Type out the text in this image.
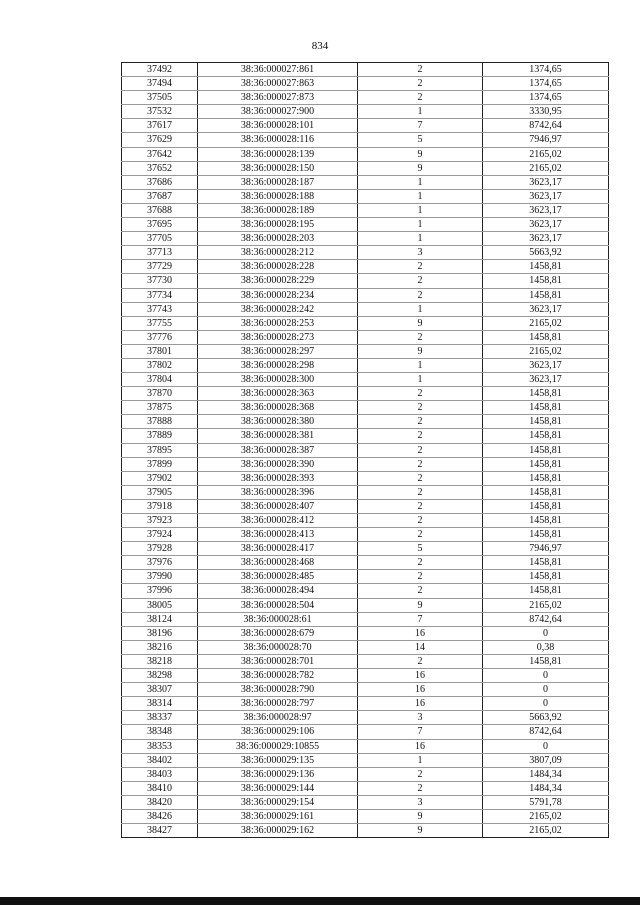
834
37492	38:36:000027:861	2	1374,65
37494	38:36:000027:863	2	1374,65
37505	38:36:000027:873	2	1374,65
37532	38:36:000027:900	1	3330,95
37617	38:36:000028:101	7	8742,64
37629	38:36:000028:116	5	7946,97
37642	38:36:000028:139	9	2165,02
37652	38:36:000028:150	9	2165,02
37686	38:36:000028:187	1	3623,17
37687	38:36:000028:188	1	3623,17
37688	38:36:000028:189	1	3623,17
37695	38:36:000028:195	1	3623,17
37705	38:36:000028:203	1	3623,17
37713	38:36:000028:212	3	5663,92
37729	38:36:000028:228	2	1458,81
37730	38:36:000028:229	2	1458,81
37734	38:36:000028:234	2	1458,81
37743	38:36:000028:242	1	3623,17
37755	38:36:000028:253	9	2165,02
37776	38:36:000028:273	2	1458,81
37801	38:36:000028:297	9	2165,02
37802	38:36:000028:298	1	3623,17
37804	38:36:000028:300	1	3623,17
37870	38:36:000028:363	2	1458,81
37875	38:36:000028:368	2	1458,81
37888	38:36:000028:380	2	1458,81
37889	38:36:000028:381	2	1458,81
37895	38:36:000028:387	2	1458,81
37899	38:36:000028:390	2	1458,81
37902	38:36:000028:393	2	1458,81
37905	38:36:000028:396	2	1458,81
37918	38:36:000028:407	2	1458,81
37923	38:36:000028:412	2	1458,81
37924	38:36:000028:413	2	1458,81
37928	38:36:000028:417	5	7946,97
37976	38:36:000028:468	2	1458,81
37990	38:36:000028:485	2	1458,81
37996	38:36:000028:494	2	1458,81
38005	38:36:000028:504	9	2165,02
38124	38:36:000028:61	7	8742,64
38196	38:36:000028:679	16	0
38216	38:36:000028:70	14	0,38
38218	38:36:000028:701	2	1458,81
38298	38:36:000028:782	16	0
38307	38:36:000028:790	16	0
38314	38:36:000028:797	16	0
38337	38:36:000028:97	3	5663,92
38348	38:36:000029:106	7	8742,64
38353	38:36:000029:10855	16	0
38402	38:36:000029:135	1	3807,09
38403	38:36:000029:136	2	1484,34
38410	38:36:000029:144	2	1484,34
38420	38:36:000029:154	3	5791,78
38426	38:36:000029:161	9	2165,02
38427	38:36:000029:162	9	2165,02
